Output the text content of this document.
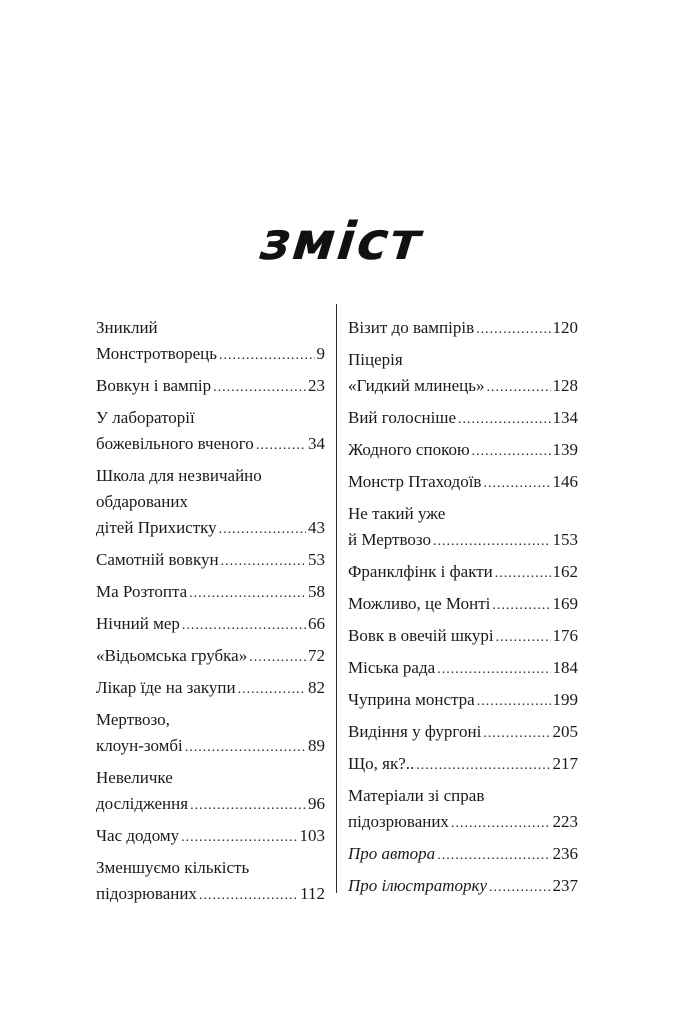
зміст
Зниклий
Монстротворець .....	9
Вовкун і вампір .....	23
У лабораторії
божевільного вченого .....	34
Школа для незвичайно
обдарованих
дітей Прихистку .....	43
Самотній вовкун .....	53
Ма Розтопта .....	58
Нічний мер .....	66
«Відьомська грубка» .....	72
Лікар їде на закупи .....	82
Мертвозо,
клоун-зомбі .....	89
Невеличке
дослідження .....	96
Час додому .....	103
Зменшуємо кількість
підозрюваних .....	112
Візит до вампірів .....	120
Піцерія
«Гидкий млинець» .....	128
Вий голосніше .....	134
Жодного спокою .....	139
Монстр Птаходоїв .....	146
Не такий уже
й Мертвозо .....	153
Франклфінк і факти .....	162
Можливо, це Монті .....	169
Вовк в овечій шкурі .....	176
Міська рада .....	184
Чуприна монстра .....	199
Видіння у фургоні .....	205
Що, як?.. .....	217
Матеріали зі справ
підозрюваних .....	223
Про автора .....	236
Про ілюстраторку .....	237
